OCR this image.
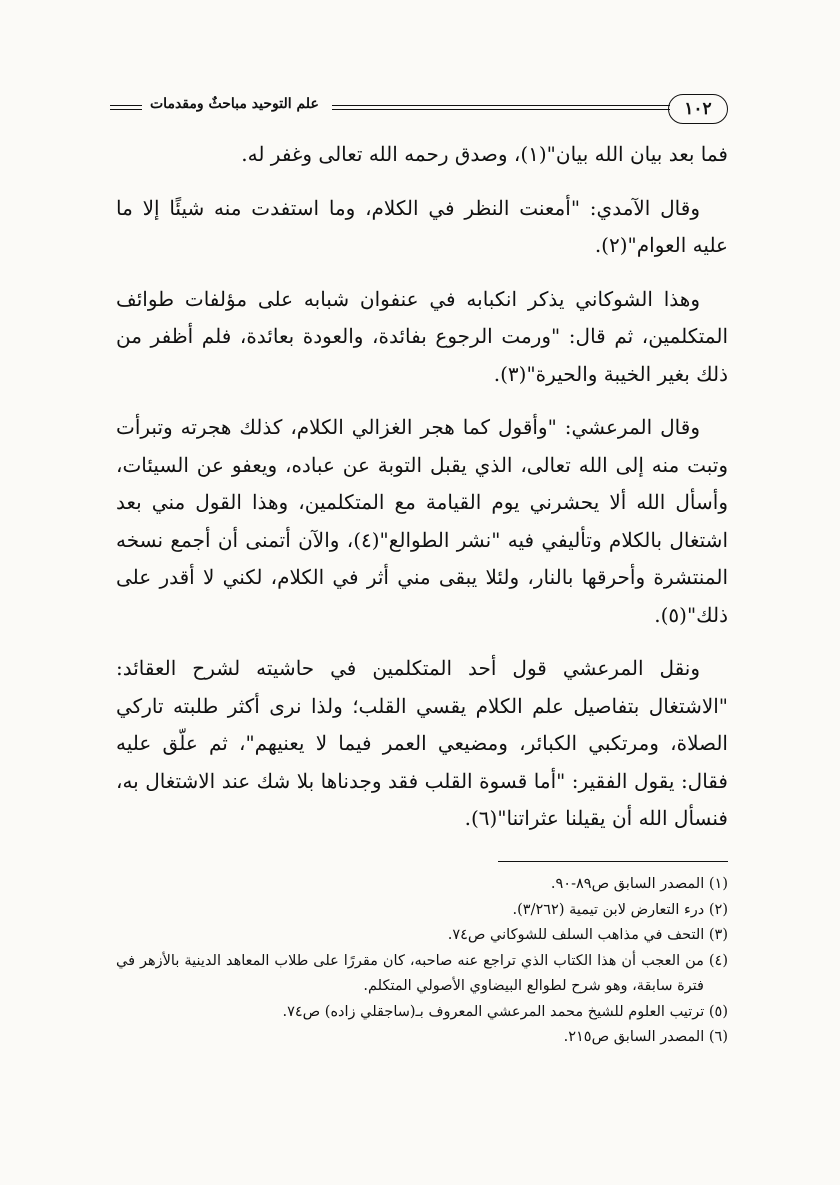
١٠٢
علم التوحيد مباحثٌ ومقدمات

فما بعد بيان الله بيان"(١)، وصدق رحمه الله تعالى وغفر له.

وقال الآمدي: "أمعنت النظر في الكلام، وما استفدت منه شيئًا إلا ما عليه العوام"(٢).

وهذا الشوكاني يذكر انكبابه في عنفوان شبابه على مؤلفات طوائف المتكلمين، ثم قال: "ورمت الرجوع بفائدة، والعودة بعائدة، فلم أظفر من ذلك بغير الخيبة والحيرة"(٣).

وقال المرعشي: "وأقول كما هجر الغزالي الكلام، كذلك هجرته وتبرأت وتبت منه إلى الله تعالى، الذي يقبل التوبة عن عباده، ويعفو عن السيئات، وأسأل الله ألا يحشرني يوم القيامة مع المتكلمين، وهذا القول مني بعد اشتغال بالكلام وتأليفي فيه "نشر الطوالع"(٤)، والآن أتمنى أن أجمع نسخه المنتشرة وأحرقها بالنار، ولئلا يبقى مني أثر في الكلام، لكني لا أقدر على ذلك"(٥).

ونقل المرعشي قول أحد المتكلمين في حاشيته لشرح العقائد: "الاشتغال بتفاصيل علم الكلام يقسي القلب؛ ولذا نرى أكثر طلبته تاركي الصلاة، ومرتكبي الكبائر، ومضيعي العمر فيما لا يعنيهم"، ثم علّق عليه فقال: يقول الفقير: "أما قسوة القلب فقد وجدناها بلا شك عند الاشتغال به، فنسأل الله أن يقيلنا عثراتنا"(٦).

(١) المصدر السابق ص٨٩-٩٠.

(٢) درء التعارض لابن تيمية (٣/٢٦٢).

(٣) التحف في مذاهب السلف للشوكاني ص٧٤.

(٤) من العجب أن هذا الكتاب الذي تراجع عنه صاحبه، كان مقررًا على طلاب المعاهد الدينية بالأزهر في فترة سابقة، وهو شرح لطوالع البيضاوي الأصولي المتكلم.

(٥) ترتيب العلوم للشيخ محمد المرعشي المعروف بـ(ساجقلي زاده) ص٧٤.

(٦) المصدر السابق ص٢١٥.
